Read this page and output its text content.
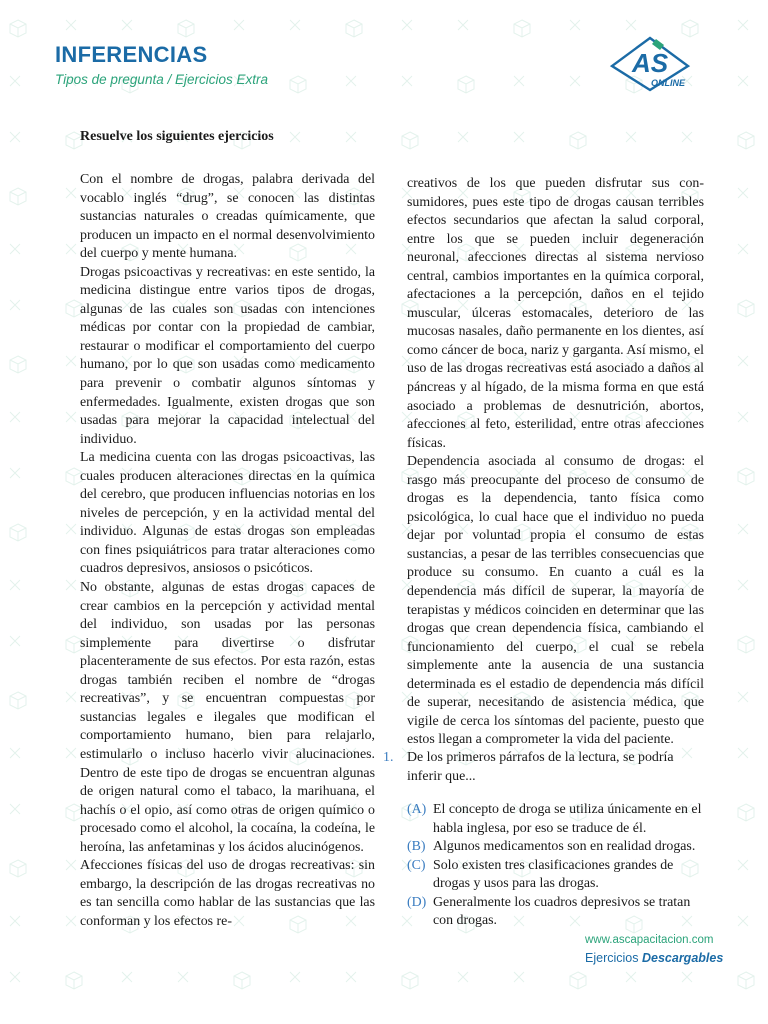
INFERENCIAS
Tipos de pregunta / Ejercicios Extra
AS
ONLINE
Resuelve los siguientes ejercicios

Con el nombre de drogas, palabra derivada del vocablo inglés “drug”, se conocen las distintas sustancias naturales o creadas químicamente, que producen un impacto en el normal desenvolvimiento del cuerpo y mente humana.

Drogas psicoactivas y recreativas: en este sentido, la medicina distingue entre varios tipos de drogas, algunas de las cuales son usadas con intenciones médicas por contar con la propiedad de cambiar, restaurar o modificar el comportamiento del cuerpo humano, por lo que son usadas como medicamento para prevenir o combatir algunos síntomas y enfermedades. Igualmente, existen drogas que son usadas para mejorar la capacidad intelectual del individuo.

La medicina cuenta con las drogas psicoactivas, las cuales producen alteraciones directas en la química del cerebro, que producen influencias notorias en los niveles de percepción, y en la actividad mental del individuo. Algunas de estas drogas son empleadas con fines psiquiátricos para tratar alteraciones como cuadros depresivos, ansiosos o psicóticos.

No obstante, algunas de estas drogas capaces de crear cambios en la percepción y actividad mental del individuo, son usadas por las personas simplemente para divertirse o disfrutar placenteramente de sus efectos. Por esta razón, estas drogas también reciben el nombre de “drogas recreativas”, y se encuentran compuestas por sustancias legales e ilegales que modifican el comportamiento humano, bien para relajarlo, estimularlo o incluso hacerlo vivir alucinaciones. Dentro de este tipo de drogas se encuentran algunas de origen natural como el tabaco, la marihuana, el hachís o el opio, así como otras de origen químico o procesado como el alcohol, la cocaína, la codeína, le heroína, las anfetaminas y los ácidos alucinógenos.

Afecciones físicas del uso de drogas recreativas: sin embargo, la descripción de las drogas recreativas no es tan sencilla como hablar de las sustancias que las conforman y los efectos re-

creativos de los que pueden disfrutar sus consumidores, pues este tipo de drogas causan terribles efectos secundarios que afectan la salud corporal, entre los que se pueden incluir degeneración neuronal, afecciones directas al sistema nervioso central, cambios importantes en la química corporal, afectaciones a la percepción, daños en el tejido muscular, úlceras estomacales, deterioro de las mucosas nasales, daño permanente en los dientes, así como cáncer de boca, nariz y garganta. Así mismo, el uso de las drogas recreativas está asociado a daños al páncreas y al hígado, de la misma forma en que está asociado a problemas de desnutrición, abortos, afecciones al feto, esterilidad, entre otras afecciones físicas.

Dependencia asociada al consumo de drogas: el rasgo más preocupante del proceso de consumo de drogas es la dependencia, tanto física como psicológica, lo cual hace que el individuo no pueda dejar por voluntad propia el consumo de estas sustancias, a pesar de las terribles consecuencias que produce su consumo. En cuanto a cuál es la dependencia más difícil de superar, la mayoría de terapistas y médicos coinciden en determinar que las drogas que crean dependencia física, cambiando el funcionamiento del cuerpo, el cual se rebela simplemente ante la ausencia de una sustancia determinada es el estadio de dependencia más difícil de superar, necesitando de asistencia médica, que vigile de cerca los síntomas del paciente, puesto que estos llegan a comprometer la vida del paciente.

1. De los primeros párrafos de la lectura, se podría inferir que...
(A) El concepto de droga se utiliza únicamente en el habla inglesa, por eso se traduce de él.
(B) Algunos medicamentos son en realidad drogas.
(C) Solo existen tres clasificaciones grandes de drogas y usos para las drogas.
(D) Generalmente los cuadros depresivos se tratan con drogas.
www.ascapacitacion.com
Ejercicios Descargables
